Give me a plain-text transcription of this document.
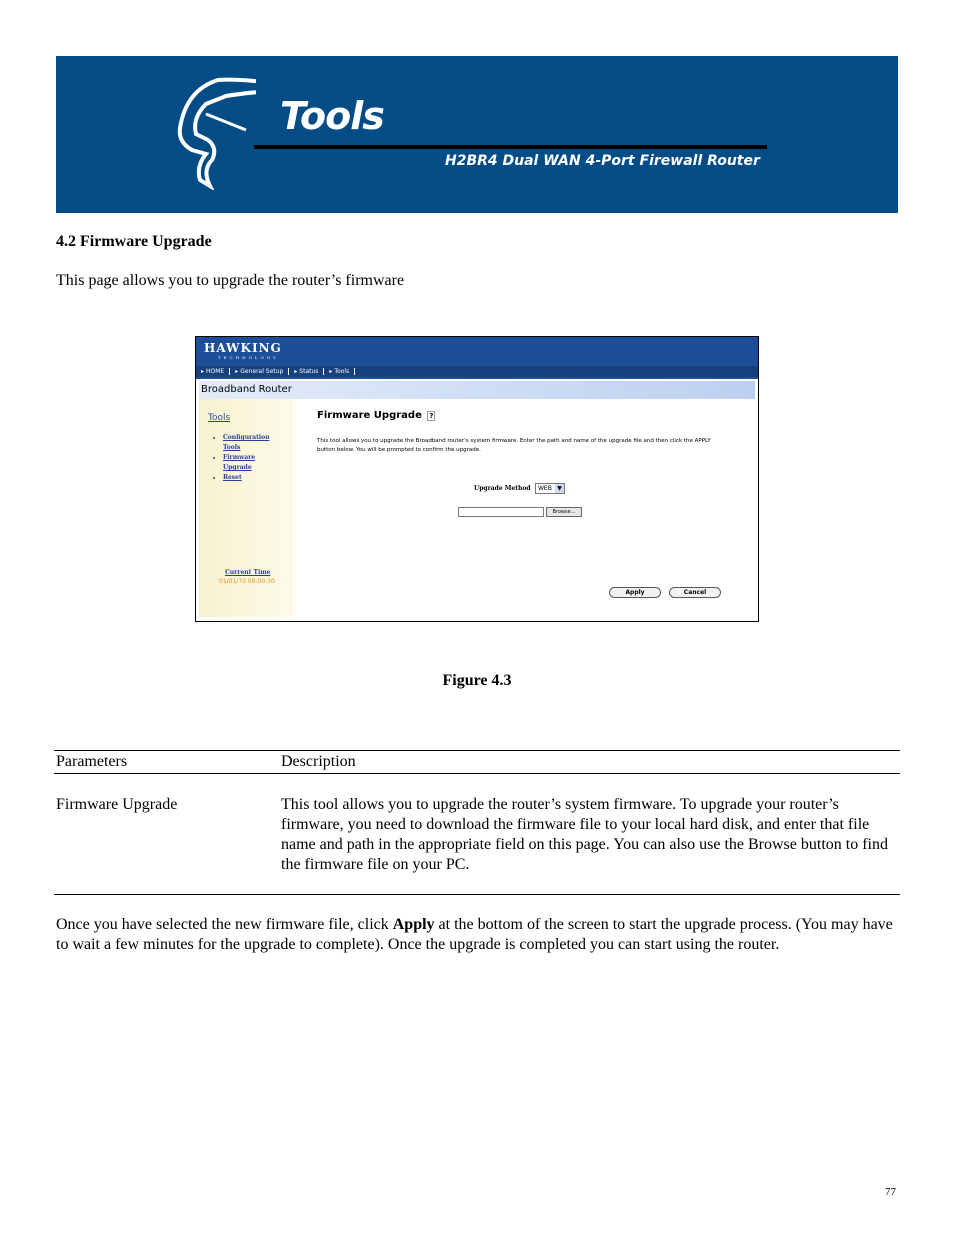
Tools
H2BR4 Dual WAN 4-Port Firewall Router
4.2 Firmware Upgrade
This page allows you to upgrade the router’s firmware
HAWKING
TECHNOLOGY
▸ HOME	▸ General Setup	▸ Status	▸ Tools
Broadband Router
Tools
• Configuration
Tools
• Firmware
Upgrade
• Reset
Current Time
01/01/70 00:00:30
Firmware Upgrade ?
This tool allows you to upgrade the Broadband router's system firmware. Enter the path and name of the upgrade file and then click the APPLY button below. You will be prompted to confirm the upgrade.
Upgrade Method	WEB ▼
Browse...
Apply	Cancel
Figure 4.3
Parameters	Description
Firmware Upgrade	This tool allows you to upgrade the router’s system firmware. To upgrade your router’s firmware, you need to download the firmware file to your local hard disk, and enter that file name and path in the appropriate field on this page. You can also use the Browse button to find the firmware file on your PC.
Once you have selected the new firmware file, click Apply at the bottom of the screen to start the upgrade process. (You may have to wait a few minutes for the upgrade to complete). Once the upgrade is completed you can start using the router.
77
